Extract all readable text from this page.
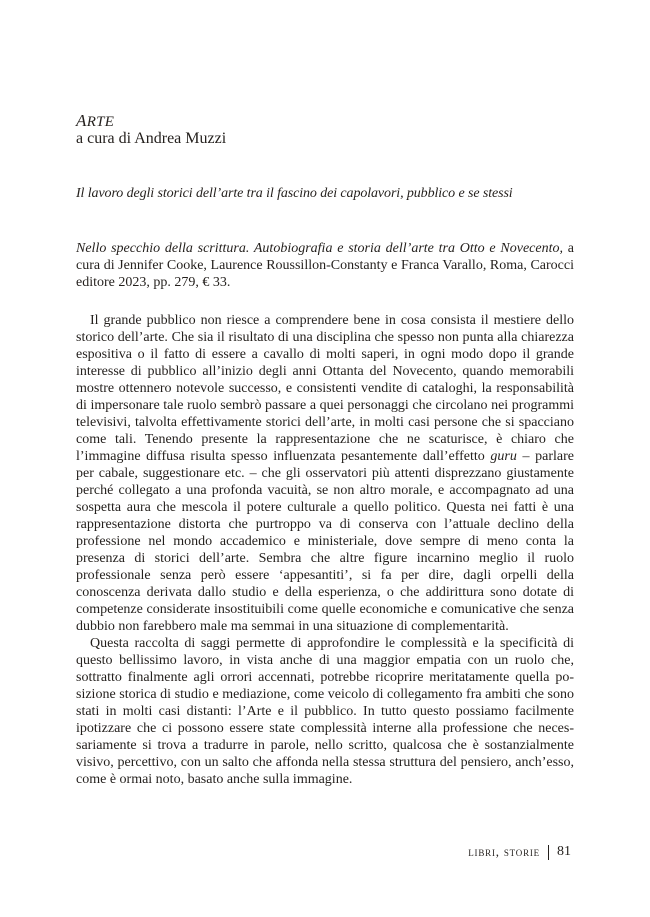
ARTE
a cura di Andrea Muzzi
Il lavoro degli storici dell’arte tra il fascino dei capolavori, pubblico e se stessi
Nello specchio della scrittura. Autobiografia e storia dell’arte tra Otto e Novecento, a cura di Jennifer Cooke, Laurence Roussillon-Constanty e Franca Varallo, Roma, Carocci editore 2023, pp. 279, € 33.

Il grande pubblico non riesce a comprendere bene in cosa consista il mestiere dello storico dell’arte. Che sia il risultato di una disciplina che spesso non punta alla chiarezza espositiva o il fatto di essere a cavallo di molti saperi, in ogni modo dopo il grande interesse di pubblico all’inizio degli anni Ottanta del Novecento, quando memorabili mostre ottennero notevole successo, e consistenti vendite di cataloghi, la responsabilità di impersonare tale ruolo sembrò passare a quei personaggi che circolano nei programmi televisivi, talvolta effettivamente storici dell’arte, in molti casi persone che si spacciano come tali. Tenendo presente la rappresentazione che ne scaturisce, è chiaro che l’immagine diffusa risulta spesso influenzata pesantemente dall’effetto guru – parlare per cabale, suggestionare etc. – che gli osservatori più attenti disprezzano giustamente perché collegato a una profonda vacuità, se non altro morale, e accompagnato ad una sospetta aura che mescola il potere culturale a quello politico. Questa nei fatti è una rappresentazione distorta che purtroppo va di conserva con l’attuale declino della professione nel mondo accademico e ministeriale, dove sempre di meno conta la presenza di storici dell’arte. Sembra che altre figure incarnino meglio il ruolo professionale senza però essere ‘appesantiti’, si fa per dire, dagli orpelli della conoscenza derivata dallo studio e della esperienza, o che addirittura sono dotate di competenze considerate insostituibili come quelle economiche e comunicative che senza dubbio non farebbero male ma semmai in una situazione di complementarità.

Questa raccolta di saggi permette di approfondire le complessità e la specificità di questo bellissimo lavoro, in vista anche di una maggior empatia con un ruolo che, sottratto finalmente agli orrori accennati, potrebbe ricoprire meritatamente quella posizione storica di studio e mediazione, come veicolo di collegamento fra ambiti che sono stati in molti casi distanti: l’Arte e il pubblico. In tutto questo possiamo facilmente ipotizzare che ci possono essere state complessità interne alla professione che necessariamente si trova a tradurre in parole, nello scritto, qualcosa che è sostanzialmente visivo, percettivo, con un salto che affonda nella stessa struttura del pensiero, anch’esso, come è ormai noto, basato anche sulla immagine.

libri, storie 81
